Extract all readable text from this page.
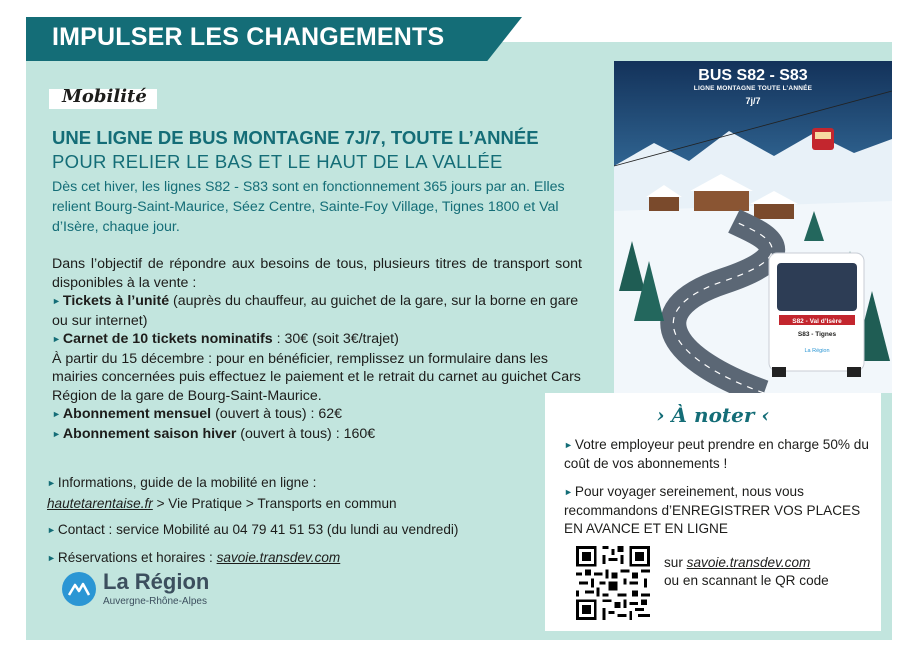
IMPULSER LES CHANGEMENTS
Mobilité
UNE LIGNE DE BUS MONTAGNE 7J/7, TOUTE L’ANNÉE
POUR RELIER LE BAS ET LE HAUT DE LA VALLÉE
Dès cet hiver, les lignes S82 - S83 sont en fonctionnement 365 jours par an. Elles relient Bourg-Saint-Maurice, Séez Centre, Sainte-Foy Village, Tignes 1800 et Val d’Isère, chaque jour.

Dans l’objectif de répondre aux besoins de tous, plusieurs titres de transport sont disponibles à la vente :

► Tickets à l’unité (auprès du chauffeur, au guichet de la gare, sur la borne en gare ou sur internet)

► Carnet de 10 tickets nominatifs : 30€ (soit 3€/trajet)

À partir du 15 décembre : pour en bénéficier, remplissez un formulaire dans les mairies concernées puis effectuez le paiement et le retrait du carnet au guichet Cars Région de la gare de Bourg-Saint-Maurice.

► Abonnement mensuel (ouvert à tous) : 62€

► Abonnement saison hiver (ouvert à tous) : 160€

► Informations, guide de la mobilité en ligne :

hautetarentaise.fr > Vie Pratique > Transports en commun

► Contact : service Mobilité au 04 79 41 51 53 (du lundi au vendredi)

► Réservations et horaires : savoie.transdev.com

La Région
Auvergne-Rhône-Alpes
S82 - Val d’Isère
S83 - Tignes
La Région
BUS S82 - S83
LIGNE MONTAGNE TOUTE L’ANNÉE
7j/7
› À noter ‹

► Votre employeur peut prendre en charge 50% du coût de vos abonnements !

► Pour voyager sereinement, nous vous recommandons d’ENREGISTRER VOS PLACES EN AVANCE ET EN LIGNE

sur savoie.transdev.com
ou en scannant le QR code
